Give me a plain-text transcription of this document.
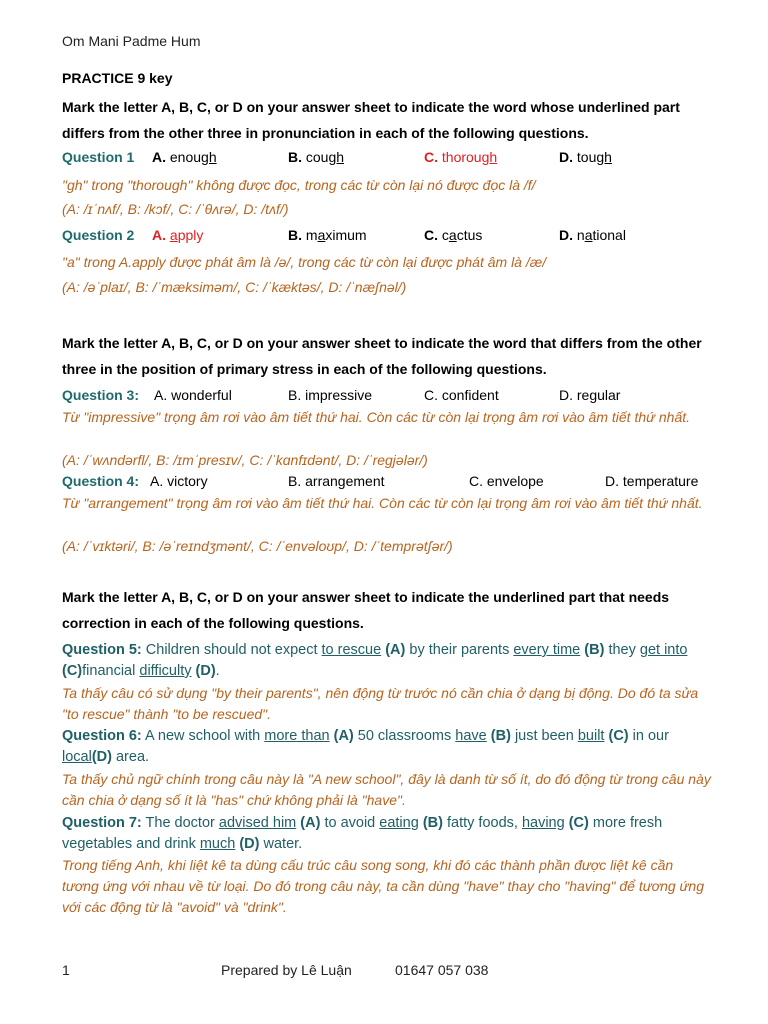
Om Mani Padme Hum
PRACTICE 9 key
Mark the letter A, B, C, or D on your answer sheet to indicate the word whose underlined part differs from the other three in pronunciation in each of the following questions.
Question 1 A. enough	B. cough	C. thorough	D. tough
"gh" trong "thorough" không được đọc, trong các từ còn lại nó được đọc là /f/
(A: /ɪˈnʌf/, B: /kɔf/, C: /ˈθʌrə/, D: /tʌf/)
Question 2 A. apply	B. maximum	C. cactus	D. national
"a" trong A.apply được phát âm là /ə/, trong các từ còn lại được phát âm là /æ/
(A: /əˈplaɪ/, B: /ˈmæksiməm/, C: /ˈkæktəs/, D: /ˈnæʃnəl/)
Mark the letter A, B, C, or D on your answer sheet to indicate the word that differs from the other three in the position of primary stress in each of the following questions.
Question 3: A. wonderful	B. impressive	C. confident	D. regular
Từ "impressive" trọng âm rơi vào âm tiết thứ hai. Còn các từ còn lại trọng âm rơi vào âm tiết thứ nhất.
(A: /ˈwʌndərfl/, B: /ɪmˈpresɪv/, C: /ˈkɑnfɪdənt/, D: /ˈregjələr/)
Question 4: A. victory	B. arrangement	C. envelope	D. temperature
Từ "arrangement" trọng âm rơi vào âm tiết thứ hai. Còn các từ còn lại trọng âm rơi vào âm tiết thứ nhất.
(A: /ˈvɪktəri/, B: /əˈreɪndʒmənt/, C: /ˈenvəloʊp/, D: /ˈtemprətʃər/)
Mark the letter A, B, C, or D on your answer sheet to indicate the underlined part that needs correction in each of the following questions.
Question 5: Children should not expect to rescue (A) by their parents every time (B) they get into (C)financial difficulty (D).
Ta thấy câu có sử dụng "by their parents", nên động từ trước nó cần chia ở dạng bị động. Do đó ta sửa "to rescue" thành "to be rescued".
Question 6: A new school with more than (A) 50 classrooms have (B) just been built (C) in our local(D) area.
Ta thấy chủ ngữ chính trong câu này là "A new school", đây là danh từ số ít, do đó động từ trong câu này cần chia ở dạng số ít là "has" chứ không phải là "have".
Question 7: The doctor advised him (A) to avoid eating (B) fatty foods, having (C) more fresh vegetables and drink much (D) water.
Trong tiếng Anh, khi liệt kê ta dùng cấu trúc câu song song, khi đó các thành phần được liệt kê cần tương ứng với nhau về từ loại. Do đó trong câu này, ta cần dùng "have" thay cho "having" để tương ứng với các động từ là "avoid" và "drink".
1	Prepared by Lê Luận	01647 057 038
